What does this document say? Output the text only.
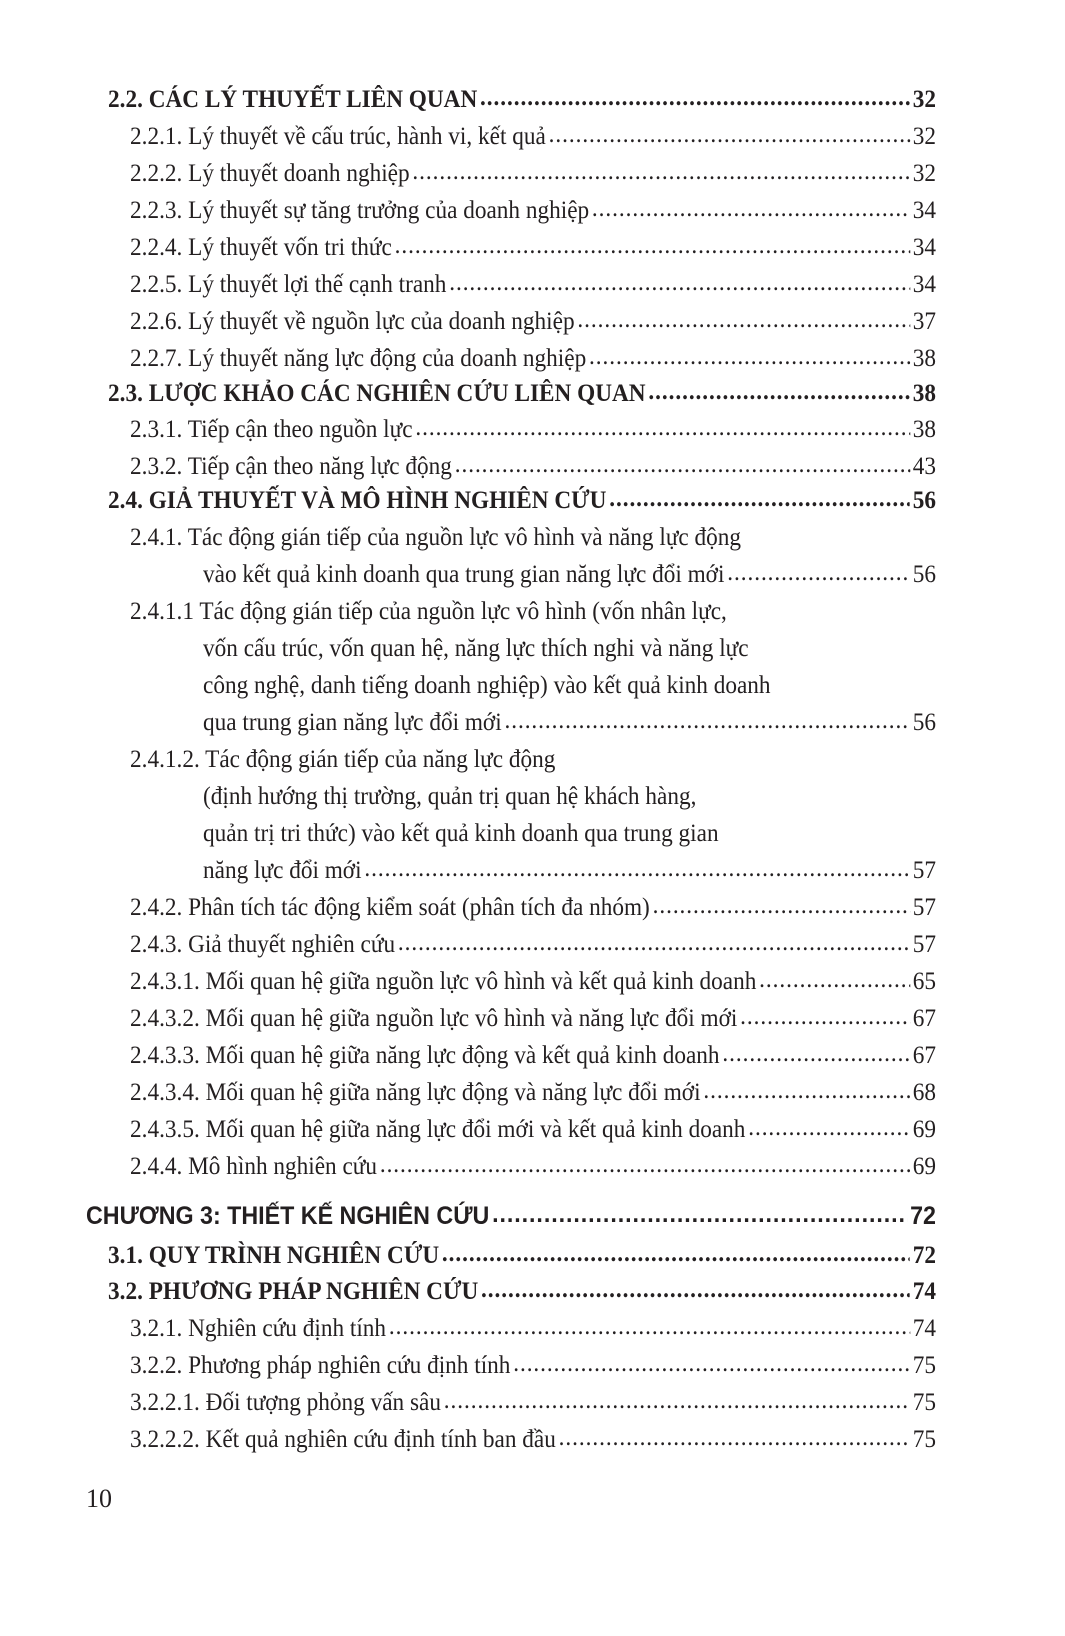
2.2. CÁC LÝ THUYẾT LIÊN QUAN .....	32
2.2.1. Lý thuyết về cấu trúc, hành vi, kết quả .....	32
2.2.2. Lý thuyết doanh nghiệp .....	32
2.2.3. Lý thuyết sự tăng trưởng của doanh nghiệp .....	34
2.2.4. Lý thuyết vốn tri thức .....	34
2.2.5. Lý thuyết lợi thế cạnh tranh .....	34
2.2.6. Lý thuyết về nguồn lực của doanh nghiệp .....	37
2.2.7. Lý thuyết năng lực động của doanh nghiệp .....	38
2.3. LƯỢC KHẢO CÁC NGHIÊN CỨU LIÊN QUAN .....	38
2.3.1. Tiếp cận theo nguồn lực .....	38
2.3.2. Tiếp cận theo năng lực động .....	43
2.4. GIẢ THUYẾT VÀ MÔ HÌNH NGHIÊN CỨU .....	56
2.4.1. Tác động gián tiếp của nguồn lực vô hình và năng lực động
vào kết quả kinh doanh qua trung gian năng lực đổi mới .....	56
2.4.1.1 Tác động gián tiếp của nguồn lực vô hình (vốn nhân lực,
vốn cấu trúc, vốn quan hệ, năng lực thích nghi và năng lực
công nghệ, danh tiếng doanh nghiệp) vào kết quả kinh doanh
qua trung gian năng lực đổi mới .....	56
2.4.1.2. Tác động gián tiếp của năng lực động
(định hướng thị trường, quản trị quan hệ khách hàng,
quản trị tri thức) vào kết quả kinh doanh qua trung gian
năng lực đổi mới .....	57
2.4.2. Phân tích tác động kiểm soát (phân tích đa nhóm) .....	57
2.4.3. Giả thuyết nghiên cứu .....	57
2.4.3.1. Mối quan hệ giữa nguồn lực vô hình và kết quả kinh doanh .....	65
2.4.3.2. Mối quan hệ giữa nguồn lực vô hình và năng lực đổi mới .....	67
2.4.3.3. Mối quan hệ giữa năng lực động và kết quả kinh doanh .....	67
2.4.3.4. Mối quan hệ giữa năng lực động và năng lực đổi mới .....	68
2.4.3.5. Mối quan hệ giữa năng lực đổi mới và kết quả kinh doanh .....	69
2.4.4. Mô hình nghiên cứu .....	69
CHƯƠNG 3: THIẾT KẾ NGHIÊN CỨU .....	72
3.1. QUY TRÌNH NGHIÊN CỨU .....	72
3.2. PHƯƠNG PHÁP NGHIÊN CỨU .....	74
3.2.1. Nghiên cứu định tính .....	74
3.2.2. Phương pháp nghiên cứu định tính .....	75
3.2.2.1. Đối tượng phỏng vấn sâu .....	75
3.2.2.2. Kết quả nghiên cứu định tính ban đầu .....	75
10
